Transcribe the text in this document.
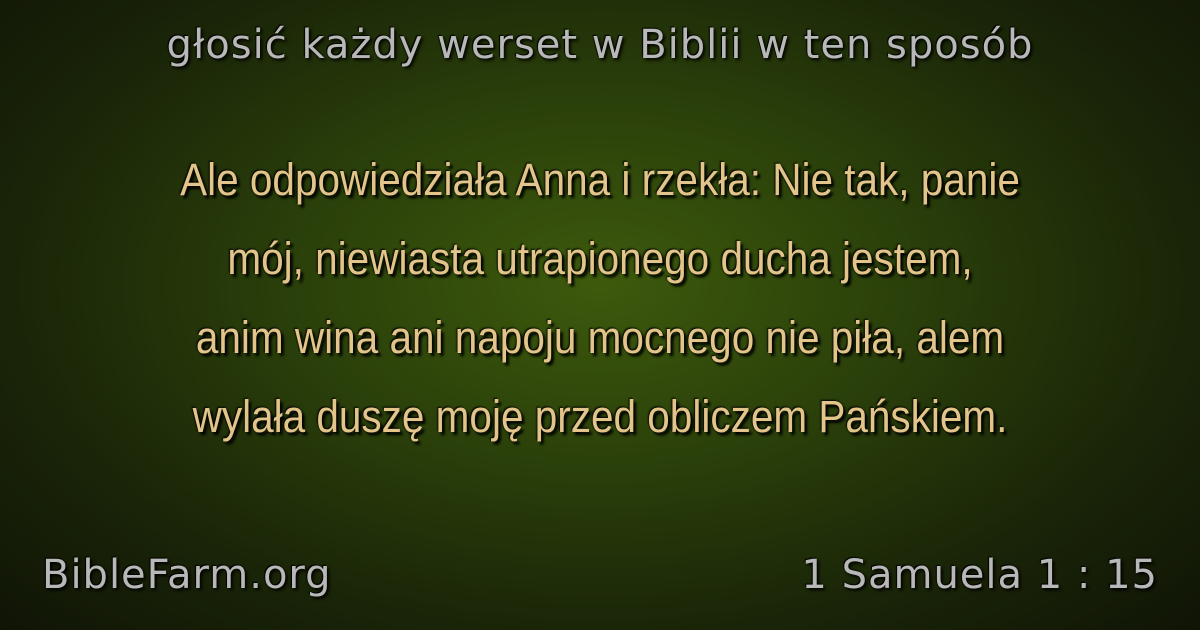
głosić każdy werset w Biblii w ten sposób
Ale odpowiedziała Anna i rzekła: Nie tak, panie
mój, niewiasta utrapionego ducha jestem,
anim wina ani napoju mocnego nie piła, alem
wylała duszę moję przed obliczem Pańskiem.
BibleFarm.org	1 Samuela 1 : 15
